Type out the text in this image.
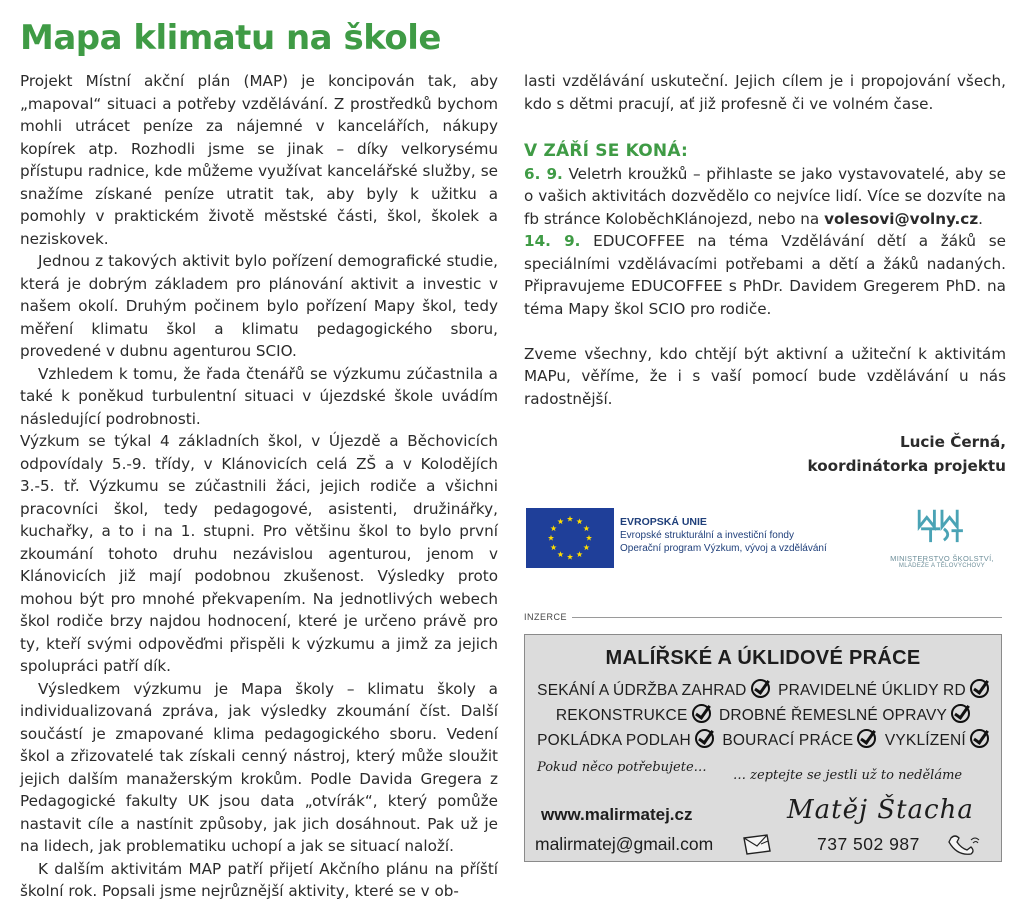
Mapa klimatu na škole

Projekt Místní akční plán (MAP) je koncipován tak, aby „mapoval“ situaci a potřeby vzdělávání. Z prostředků bychom mohli utrácet peníze za nájemné v kancelářích, nákupy kopírek atp. Rozhodli jsme se jinak – díky velkorysému přístupu radnice, kde můžeme využívat kancelářské služby, se snažíme získané peníze utratit tak, aby byly k užitku a pomohly v praktickém životě městské části, škol, školek a neziskovek.

Jednou z takových aktivit bylo pořízení demografické studie, která je dobrým základem pro plánování aktivit a investic v našem okolí. Druhým počinem bylo pořízení Mapy škol, tedy měření klimatu škol a klimatu pedagogického sboru, provedené v dubnu agenturou SCIO.

Vzhledem k tomu, že řada čtenářů se výzkumu zúčastnila a také k poněkud turbulentní situaci v újezdské škole uvádím následující podrobnosti.

Výzkum se týkal 4 základních škol, v Újezdě a Běchovicích odpovídaly 5.-9. třídy, v Klánovicích celá ZŠ a v Kolodějích 3.-5. tř. Výzkumu se zúčastnili žáci, jejich rodiče a všichni pracovníci škol, tedy pedagogové, asistenti, družinářky, kuchařky, a to i na 1. stupni. Pro většinu škol to bylo první zkoumání tohoto druhu nezávislou agenturou, jenom v Klánovicích již mají podobnou zkušenost. Výsledky proto mohou být pro mnohé překvapením. Na jednotlivých webech škol rodiče brzy najdou hodnocení, které je určeno právě pro ty, kteří svými odpověďmi přispěli k výzkumu a jimž za jejich spolupráci patří dík.

Výsledkem výzkumu je Mapa školy – klimatu školy a individualizovaná zpráva, jak výsledky zkoumání číst. Další součástí je zmapované klima pedagogického sboru. Vedení škol a zřizovatelé tak získali cenný nástroj, který může sloužit jejich dalším manažerským krokům. Podle Davida Gregera z Pedagogické fakulty UK jsou data „otvírák“, který pomůže nastavit cíle a nastínit způsoby, jak jich dosáhnout. Pak už je na lidech, jak problematiku uchopí a jak se situací naloží.

K dalším aktivitám MAP patří přijetí Akčního plánu na příští školní rok. Popsali jsme nejrůznější aktivity, které se v ob-

lasti vzdělávání uskuteční. Jejich cílem je i propojování všech, kdo s dětmi pracují, ať již profesně či ve volném čase.

V ZÁŘÍ SE KONÁ:

6. 9. Veletrh kroužků – přihlaste se jako vystavovatelé, aby se o vašich aktivitách dozvědělo co nejvíce lidí. Více se dozvíte na fb stránce KoloběchKlánojezd, nebo na volesovi@volny.cz.

14. 9. EDUCOFFEE na téma Vzdělávání dětí a žáků se speciálními vzdělávacími potřebami a dětí a žáků nadaných. Připravujeme EDUCOFFEE s PhDr. Davidem Gregerem PhD. na téma Mapy škol SCIO pro rodiče.

Zveme všechny, kdo chtějí být aktivní a užiteční k aktivitám MAPu, věříme, že i s vaší pomocí bude vzdělávání u nás radostnější.

Lucie Černá,
koordinátorka projektu
EVROPSKÁ UNIE
Evropské strukturální a investiční fondy
Operační program Výzkum, vývoj a vzdělávání
MINISTERSTVO ŠKOLSTVÍ,
MLÁDEŽE A TĚLOVÝCHOVY
INZERCE
MALÍŘSKÉ A ÚKLIDOVÉ PRÁCE
SEKÁNÍ A ÚDRŽBA ZAHRAD PRAVIDELNÉ ÚKLIDY RD
REKONSTRUKCE DROBNÉ ŘEMESLNÉ OPRAVY
POKLÁDKA PODLAH BOURACÍ PRÁCE VYKLÍZENÍ
Pokud něco potřebujete…
… zeptejte se jestli už to neděláme
www.malirmatej.cz	Matěj Štacha
malirmatej@gmail.com	737 502 987
